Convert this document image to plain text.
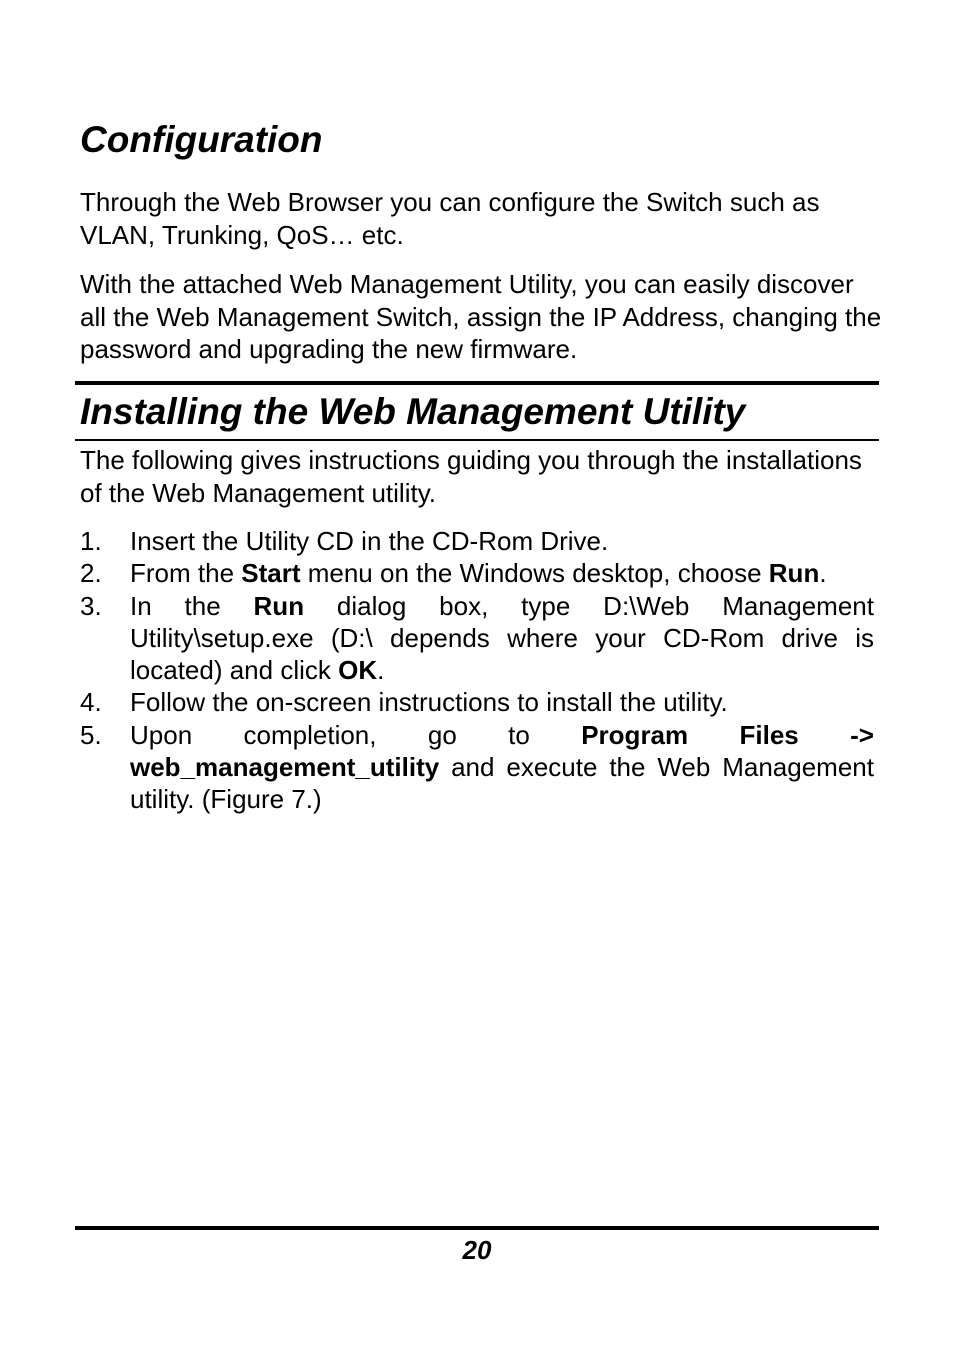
Configuration

Through the Web Browser you can configure the Switch such as VLAN, Trunking, QoS… etc.

With the attached Web Management Utility, you can easily discover all the Web Management Switch, assign the IP Address, changing the password and upgrading the new firmware.

Installing the Web Management Utility

The following gives instructions guiding you through the installations of the Web Management utility.

1.	Insert the Utility CD in the CD-Rom Drive.
2.	From the Start menu on the Windows desktop, choose Run.
3.	In the Run dialog box, type D:\Web Management Utility\setup.exe (D:\ depends where your CD-Rom drive is located) and click OK.
4.	Follow the on-screen instructions to install the utility.
5.	Upon completion, go to Program Files -> web_management_utility and execute the Web Management utility. (Figure 7.)
20
